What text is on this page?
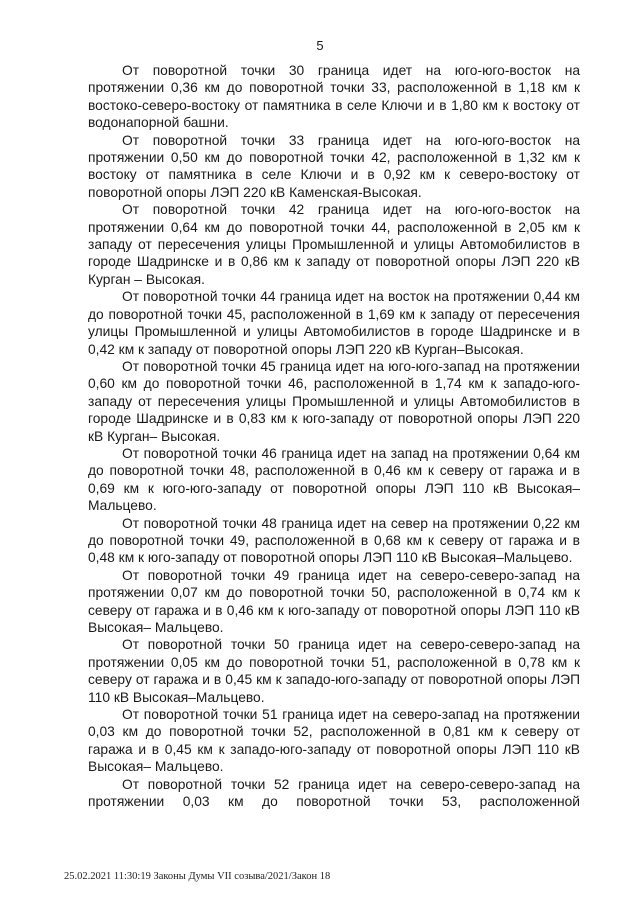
5

От поворотной точки 30 граница идет на юго-юго-восток на протяжении 0,36 км до поворотной точки 33, расположенной в 1,18 км к востоко-северо-востоку от памятника в селе Ключи и в 1,80 км к востоку от водонапорной башни.

От поворотной точки 33 граница идет на юго-юго-восток на протяжении 0,50 км до поворотной точки 42, расположенной в 1,32 км к востоку от памятника в селе Ключи и в 0,92 км к северо-востоку от поворотной опоры ЛЭП 220 кВ Каменская-Высокая.

От поворотной точки 42 граница идет на юго-юго-восток на протяжении 0,64 км до поворотной точки 44, расположенной в 2,05 км к западу от пересечения улицы Промышленной и улицы Автомобилистов в городе Шадринске и в 0,86 км к западу от поворотной опоры ЛЭП 220 кВ Курган – Высокая.

От поворотной точки 44 граница идет на восток на протяжении 0,44 км до поворотной точки 45, расположенной в 1,69 км к западу от пересечения улицы Промышленной и улицы Автомобилистов в городе Шадринске и в 0,42 км к западу от поворотной опоры ЛЭП 220 кВ Курган–Высокая.

От поворотной точки 45 граница идет на юго-юго-запад на протяжении 0,60 км до поворотной точки 46, расположенной в 1,74 км к западо-юго-западу от пересечения улицы Промышленной и улицы Автомобилистов в городе Шадринске и в 0,83 км к юго-западу от поворотной опоры ЛЭП 220 кВ Курган– Высокая.

От поворотной точки 46 граница идет на запад на протяжении 0,64 км до поворотной точки 48, расположенной в 0,46 км к северу от гаража и в 0,69 км к юго-юго-западу от поворотной опоры ЛЭП 110 кВ Высокая–Мальцево.

От поворотной точки 48 граница идет на север на протяжении 0,22 км до поворотной точки 49, расположенной в 0,68 км к северу от гаража и в 0,48 км к юго-западу от поворотной опоры ЛЭП 110 кВ Высокая–Мальцево.

От поворотной точки 49 граница идет на северо-северо-запад на протяжении 0,07 км до поворотной точки 50, расположенной в 0,74 км к северу от гаража и в 0,46 км к юго-западу от поворотной опоры ЛЭП 110 кВ Высокая– Мальцево.

От поворотной точки 50 граница идет на северо-северо-запад на протяжении 0,05 км до поворотной точки 51, расположенной в 0,78 км к северу от гаража и в 0,45 км к западо-юго-западу от поворотной опоры ЛЭП 110 кВ Высокая–Мальцево.

От поворотной точки 51 граница идет на северо-запад на протяжении 0,03 км до поворотной точки 52, расположенной в 0,81 км к северу от гаража и в 0,45 км к западо-юго-западу от поворотной опоры ЛЭП 110 кВ Высокая– Мальцево.

От поворотной точки 52 граница идет на северо-северо-запад на протяжении 0,03 км до поворотной точки 53, расположенной

25.02.2021 11:30:19 Законы Думы VII созыва/2021/Закон 18
